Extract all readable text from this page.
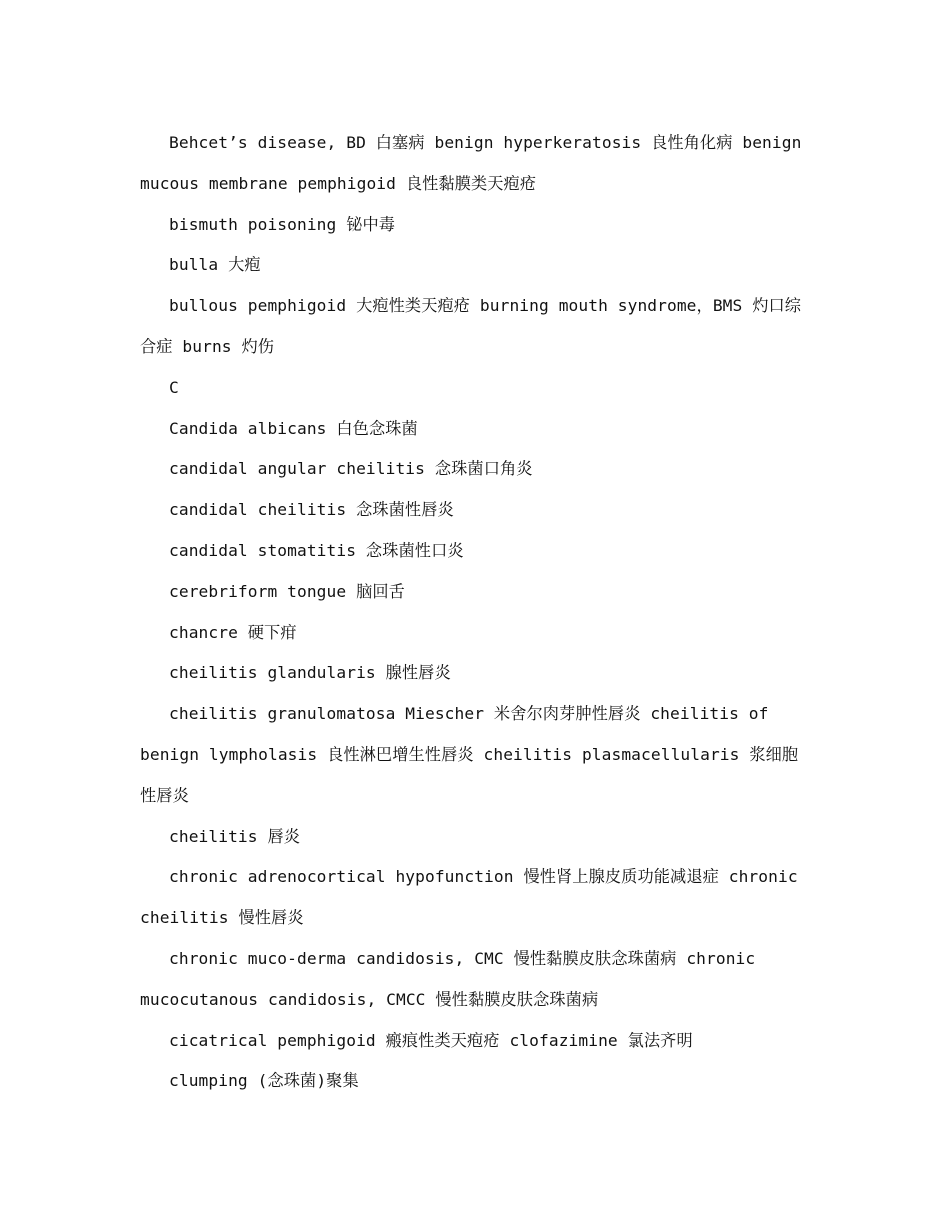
Behcet’s disease, BD 白塞病 benign hyperkeratosis 良性角化病 benign mucous membrane pemphigoid 良性黏膜类天疱疮

bismuth poisoning 铋中毒

bulla 大疱

bullous pemphigoid 大疱性类天疱疮 burning mouth syndrome，BMS 灼口综合症 burns 灼伤

C

Candida albicans 白色念珠菌

candidal angular cheilitis 念珠菌口角炎

candidal cheilitis 念珠菌性唇炎

candidal stomatitis 念珠菌性口炎

cerebriform tongue 脑回舌

chancre 硬下疳

cheilitis glandularis 腺性唇炎

cheilitis granulomatosa Miescher 米舍尔肉芽肿性唇炎 cheilitis of benign lympholasis 良性淋巴增生性唇炎 cheilitis plasmacellularis 浆细胞性唇炎

cheilitis 唇炎

chronic adrenocortical hypofunction 慢性肾上腺皮质功能减退症 chronic cheilitis 慢性唇炎

chronic muco-derma candidosis, CMC 慢性黏膜皮肤念珠菌病 chronic mucocutanous candidosis, CMCC 慢性黏膜皮肤念珠菌病

cicatrical pemphigoid 瘢痕性类天疱疮 clofazimine 氯法齐明

clumping (念珠菌)聚集
